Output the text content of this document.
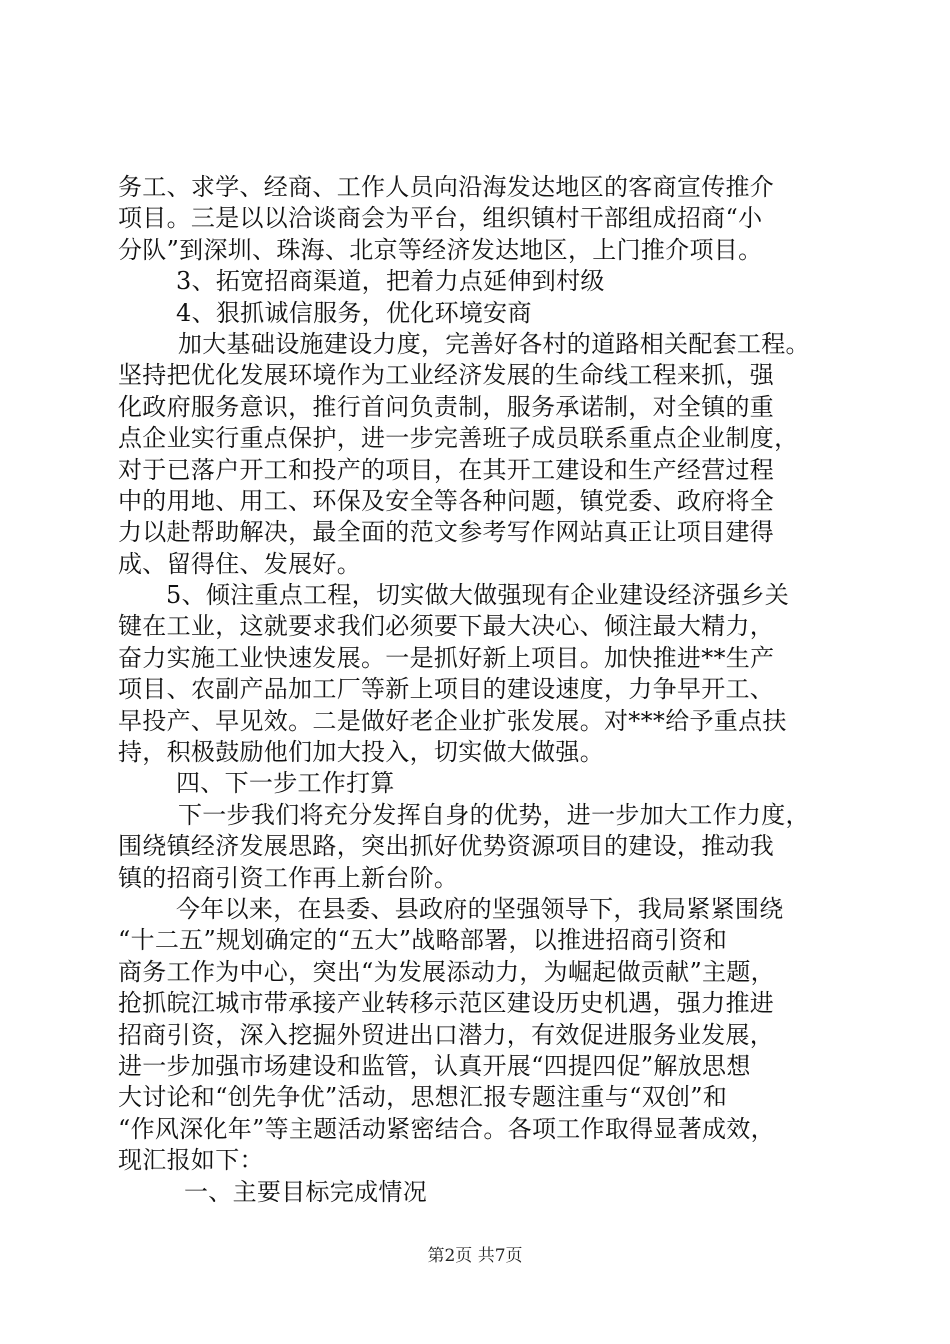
务工、求学、经商、工作人员向沿海发达地区的客商宣传推介
项目。三是以以洽谈商会为平台，组织镇村干部组成招商“小
分队”到深圳、珠海、北京等经济发达地区，上门推介项目。
3、拓宽招商渠道，把着力点延伸到村级
4、狠抓诚信服务，优化环境安商
加大基础设施建设力度，完善好各村的道路相关配套工程。
坚持把优化发展环境作为工业经济发展的生命线工程来抓，强
化政府服务意识，推行首问负责制，服务承诺制，对全镇的重
点企业实行重点保护，进一步完善班子成员联系重点企业制度，
对于已落户开工和投产的项目，在其开工建设和生产经营过程
中的用地、用工、环保及安全等各种问题，镇党委、政府将全
力以赴帮助解决，最全面的范文参考写作网站真正让项目建得
成、留得住、发展好。
5、倾注重点工程，切实做大做强现有企业建设经济强乡关
键在工业，这就要求我们必须要下最大决心、倾注最大精力，
奋力实施工业快速发展。一是抓好新上项目。加快推进**生产
项目、农副产品加工厂等新上项目的建设速度，力争早开工、
早投产、早见效。二是做好老企业扩张发展。对***给予重点扶
持，积极鼓励他们加大投入，切实做大做强。
四、下一步工作打算
下一步我们将充分发挥自身的优势，进一步加大工作力度，
围绕镇经济发展思路，突出抓好优势资源项目的建设，推动我
镇的招商引资工作再上新台阶。
今年以来，在县委、县政府的坚强领导下，我局紧紧围绕
“十二五”规划确定的“五大”战略部署，以推进招商引资和
商务工作为中心，突出“为发展添动力，为崛起做贡献”主题，
抢抓皖江城市带承接产业转移示范区建设历史机遇，强力推进
招商引资，深入挖掘外贸进出口潜力，有效促进服务业发展，
进一步加强市场建设和监管，认真开展“四提四促”解放思想
大讨论和“创先争优”活动，思想汇报专题注重与“双创”和
“作风深化年”等主题活动紧密结合。各项工作取得显著成效，
现汇报如下：
一、主要目标完成情况
第2页 共7页
